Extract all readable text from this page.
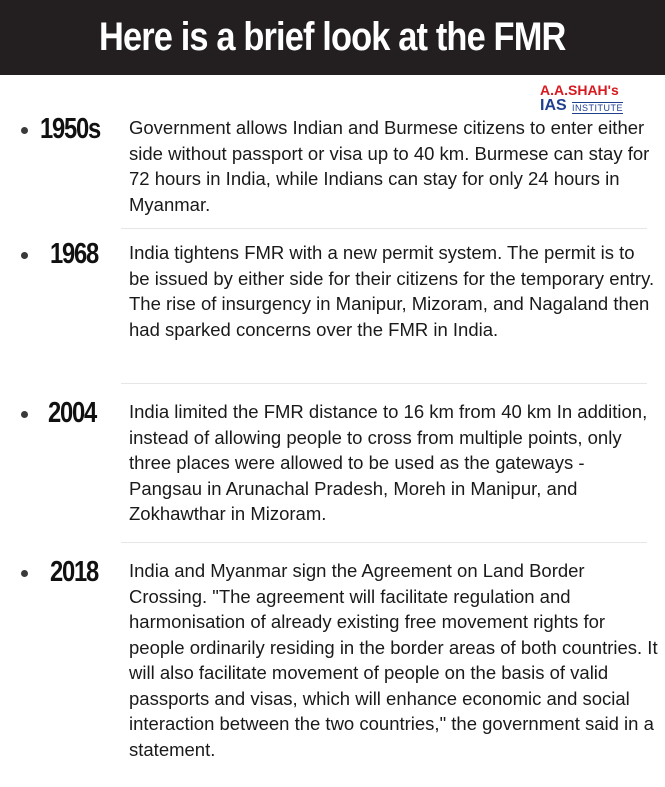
Here is a brief look at the FMR
A.A.SHAH's
IAS INSTITUTE
1950s	Government allows Indian and Burmese citizens to enter either side without passport or visa up to 40 km. Burmese can stay for 72 hours in India, while Indians can stay for only 24 hours in Myanmar.
1968	India tightens FMR with a new permit system. The permit is to be issued by either side for their citizens for the temporary entry. The rise of insurgency in Manipur, Mizoram, and Nagaland then had sparked concerns over the FMR in India.
2004	India limited the FMR distance to 16 km from 40 km In addition, instead of allowing people to cross from multiple points, only three places were allowed to be used as the gateways - Pangsau in Arunachal Pradesh, Moreh in Manipur, and Zokhawthar in Mizoram.
2018	India and Myanmar sign the Agreement on Land Border Crossing. "The agreement will facilitate regulation and harmonisation of already existing free movement rights for people ordinarily residing in the border areas of both countries. It will also facilitate movement of people on the basis of valid passports and visas, which will enhance economic and social interaction between the two countries," the government said in a statement.
